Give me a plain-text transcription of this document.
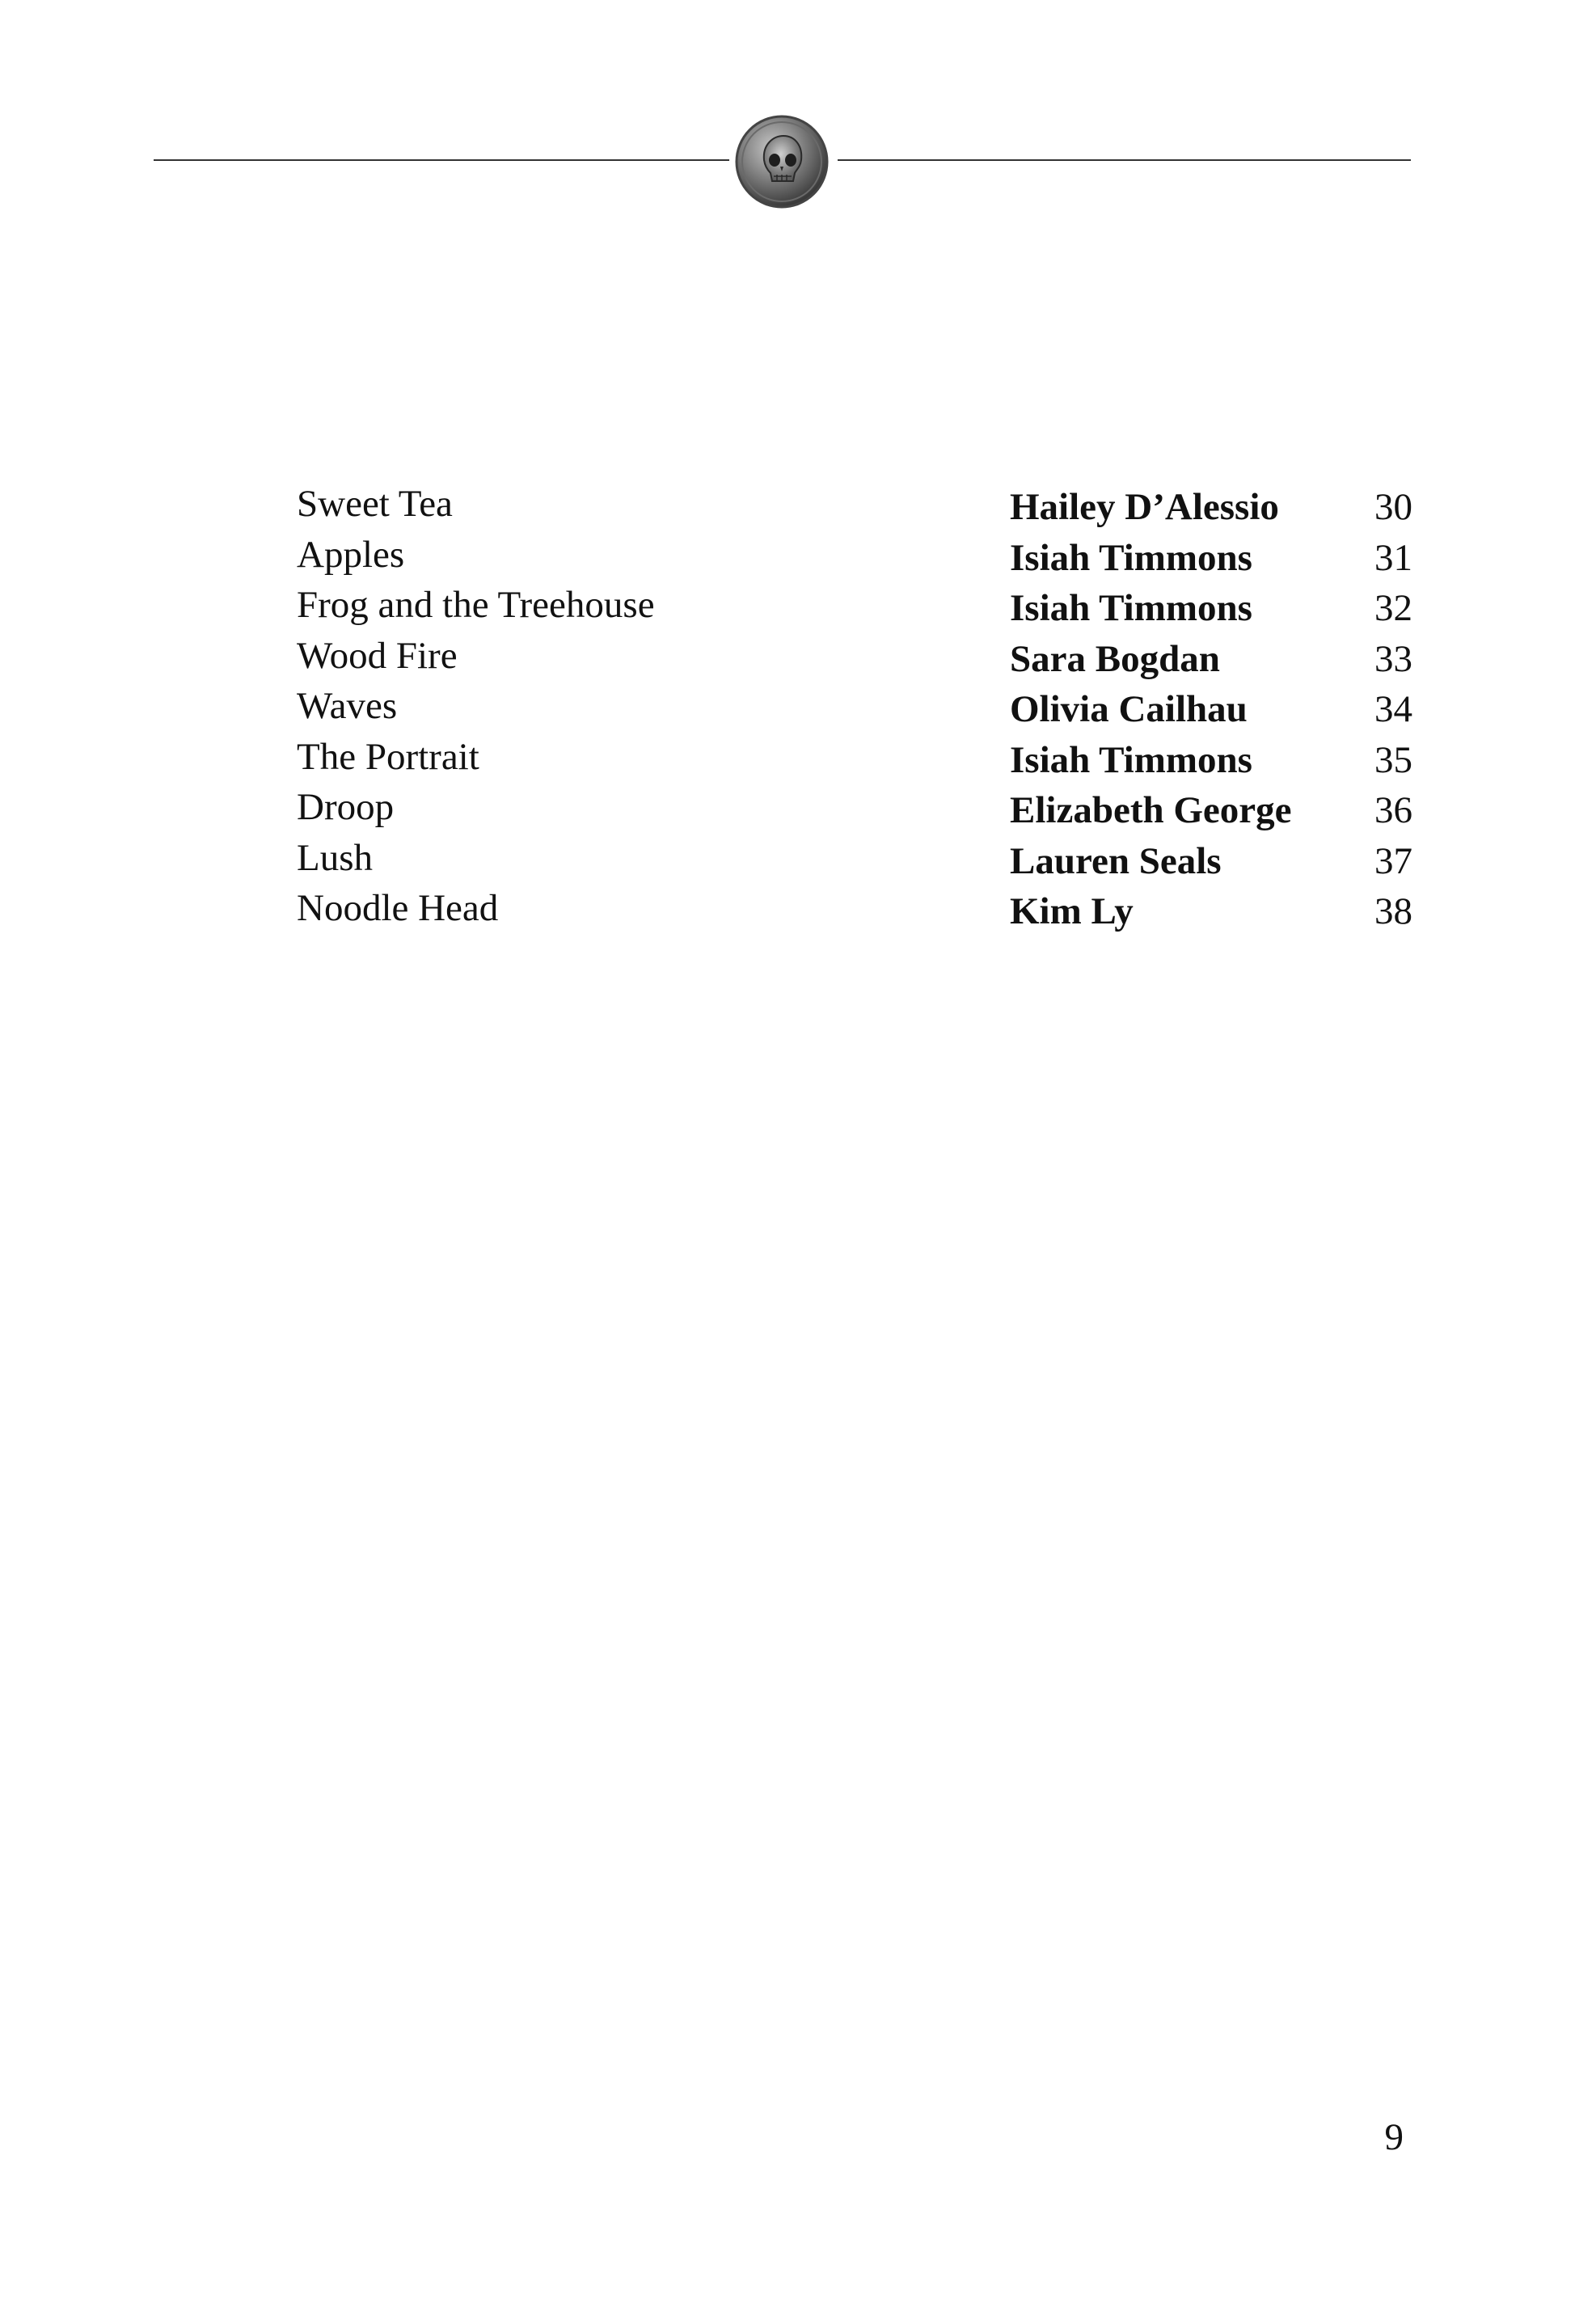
Sweet Tea	Hailey D’Alessio	30
Apples	Isiah Timmons	31
Frog and the Treehouse	Isiah Timmons	32
Wood Fire	Sara Bogdan	33
Waves	Olivia Cailhau	34
The Portrait	Isiah Timmons	35
Droop	Elizabeth George 36
Lush	Lauren Seals	37
Noodle Head	Kim Ly	38
9
